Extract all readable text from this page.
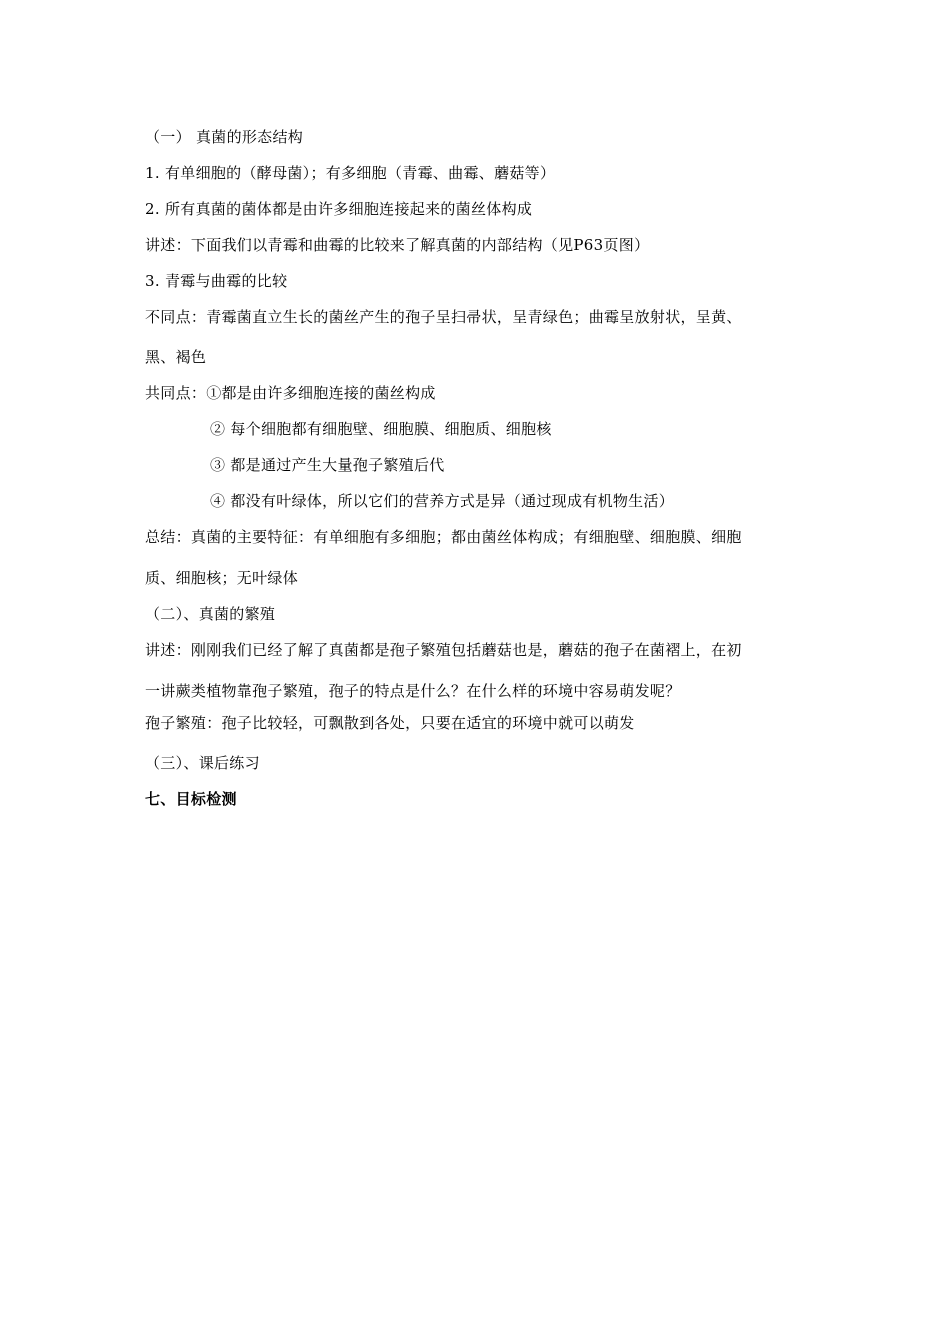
（一） 真菌的形态结构
1. 有单细胞的（酵母菌）；有多细胞（青霉、曲霉、蘑菇等）
2. 所有真菌的菌体都是由许多细胞连接起来的菌丝体构成
讲述：下面我们以青霉和曲霉的比较来了解真菌的内部结构（见P63页图）
3. 青霉与曲霉的比较
不同点：青霉菌直立生长的菌丝产生的孢子呈扫帚状，呈青绿色；曲霉呈放射状，呈黄、
黑、褐色
共同点：①都是由许多细胞连接的菌丝构成
② 每个细胞都有细胞壁、细胞膜、细胞质、细胞核
③ 都是通过产生大量孢子繁殖后代
④ 都没有叶绿体，所以它们的营养方式是异（通过现成有机物生活）
总结：真菌的主要特征：有单细胞有多细胞；都由菌丝体构成；有细胞壁、细胞膜、细胞
质、细胞核；无叶绿体
（二）、真菌的繁殖
讲述：刚刚我们已经了解了真菌都是孢子繁殖包括蘑菇也是，蘑菇的孢子在菌褶上，在初
一讲蕨类植物靠孢子繁殖，孢子的特点是什么？在什么样的环境中容易萌发呢？
孢子繁殖：孢子比较轻，可飘散到各处，只要在适宜的环境中就可以萌发
（三）、课后练习
七、目标检测
